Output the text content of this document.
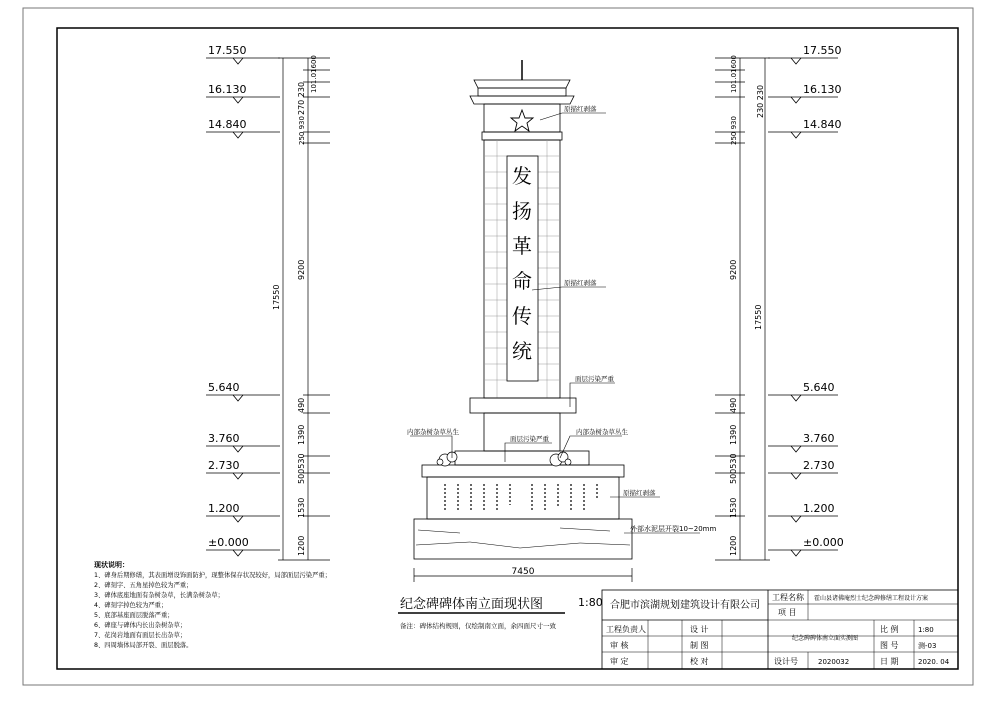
17.550
16.130
14.840
5.640
3.760
2.730
1.200
±0.000
17550
270 230
101.01600
250 930
9200
490
1390
500530
1530
1200
17.550
16.130
14.840
5.640
3.760
2.730
1.200
±0.000
17550
230 230
101.01600
250 930
9200
490
1390
500530
1530
1200
发
扬
革
命
传
统
原描红剥落
原描红剥落
面层污染严重
内部杂树杂草丛生	内部杂树杂草丛生
面层污染严重
原描红剥落
外部水泥层开裂10~20mm
7450
纪念碑碑体南立面现状图	1:80
备注：碑体结构规则，仅绘制南立面，余四面尺寸一致
现状说明：
1、碑身后期修缮，其表面增设饰面防护，现整体保存状况较好，局部面层污染严重；
2、碑刻字、五角星掉色较为严重；
3、碑体底座地面有杂树杂草，长满杂树杂草；
4、碑刻字掉色较为严重；
5、底部基座面层脱落严重；
6、碑座与碑体内长出杂树杂草；
7、花岗岩地面有面层长出杂草；
8、四周墙体局部开裂、面层脱落。
合肥市滨湖规划建筑设计有限公司
工程名称 霍山县诸佛庵烈士纪念碑修缮工程设计方案
项 目
纪念碑碑体南立面实测图
工程负责人	设 计
审 核	制 图
审 定	校 对
比 例	1:80
图 号	测-03
设计号	2020032	日 期	2020. 04
